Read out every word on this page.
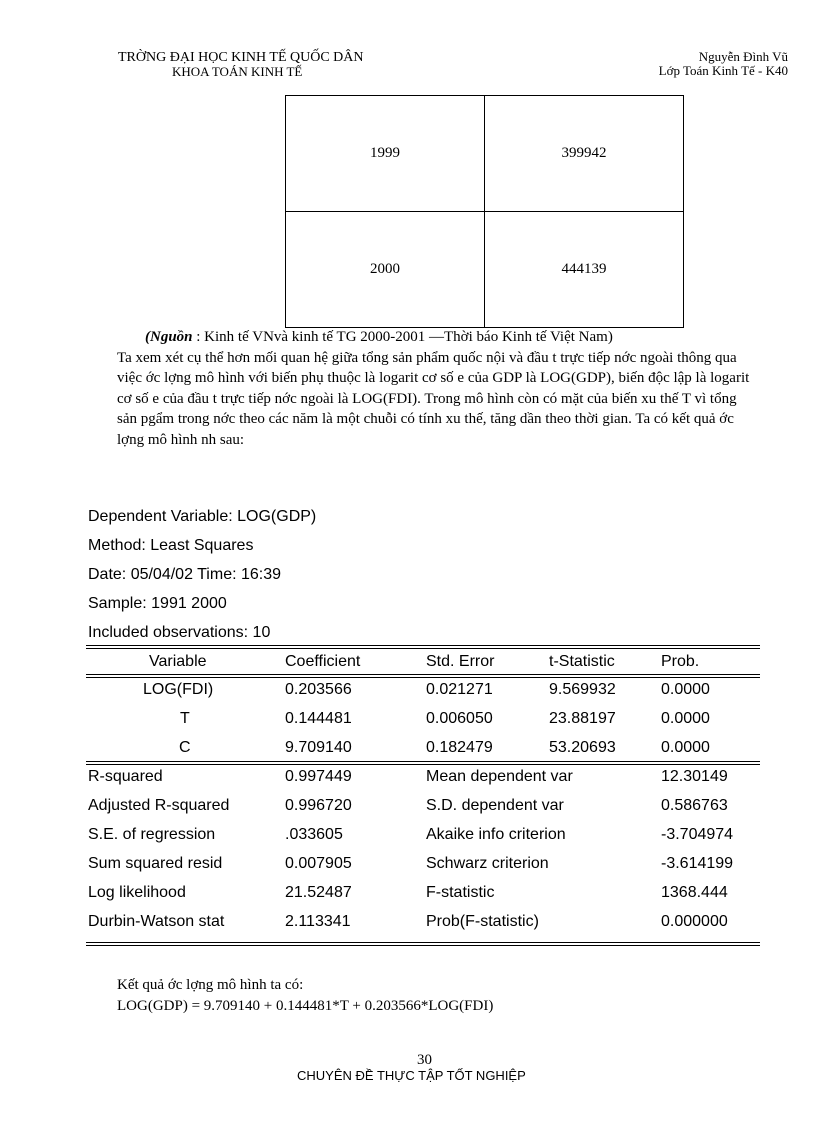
TRỜNG ĐẠI HỌC KINH TẾ QUỐC DÂN
KHOA TOÁN KINH TẾ
Nguyễn Đình Vũ
Lớp Toán Kinh Tế - K40
1999	399942
2000	444139
(Nguồn : Kinh tế VNvà kinh tế TG 2000-2001 —Thời báo Kinh tế Việt Nam)
Ta xem xét cụ thể hơn mối quan hệ giữa tổng sản phẩm quốc nội và đầu t trực tiếp nớc ngoài thông qua việc ớc lợng mô hình với biến phụ thuộc là logarit cơ số e của GDP là LOG(GDP), biến độc lập là logarit cơ số e của đầu t trực tiếp nớc ngoài là LOG(FDI). Trong mô hình còn có mặt của biến xu thế T vì tổng sản pgẩm trong nớc theo các năm là một chuỗi có tính xu thế, tăng dần theo thời gian. Ta có kết quả ớc lợng mô hình nh sau:
Dependent Variable: LOG(GDP)
Method: Least Squares
Date: 05/04/02 Time: 16:39
Sample: 1991 2000
Included observations: 10
Variable	Coefficient	Std. Error	t-Statistic	Prob.
LOG(FDI)	0.203566	0.021271	9.569932	0.0000
T	0.144481	0.006050	23.88197	0.0000
C	9.709140	0.182479	53.20693	0.0000
R-squared	0.997449	Mean dependent var	12.30149
Adjusted R-squared	0.996720	S.D. dependent var	0.586763
S.E. of regression	.033605	Akaike info criterion	-3.704974
Sum squared resid	0.007905	Schwarz criterion	-3.614199
Log likelihood	21.52487	F-statistic	1368.444
Durbin-Watson stat	2.113341	Prob(F-statistic)	0.000000
Kết quả ớc lợng mô hình ta có:
LOG(GDP) = 9.709140 + 0.144481*T + 0.203566*LOG(FDI)
30
CHUYÊN ĐỀ THỰC TẬP TỐT NGHIỆP
